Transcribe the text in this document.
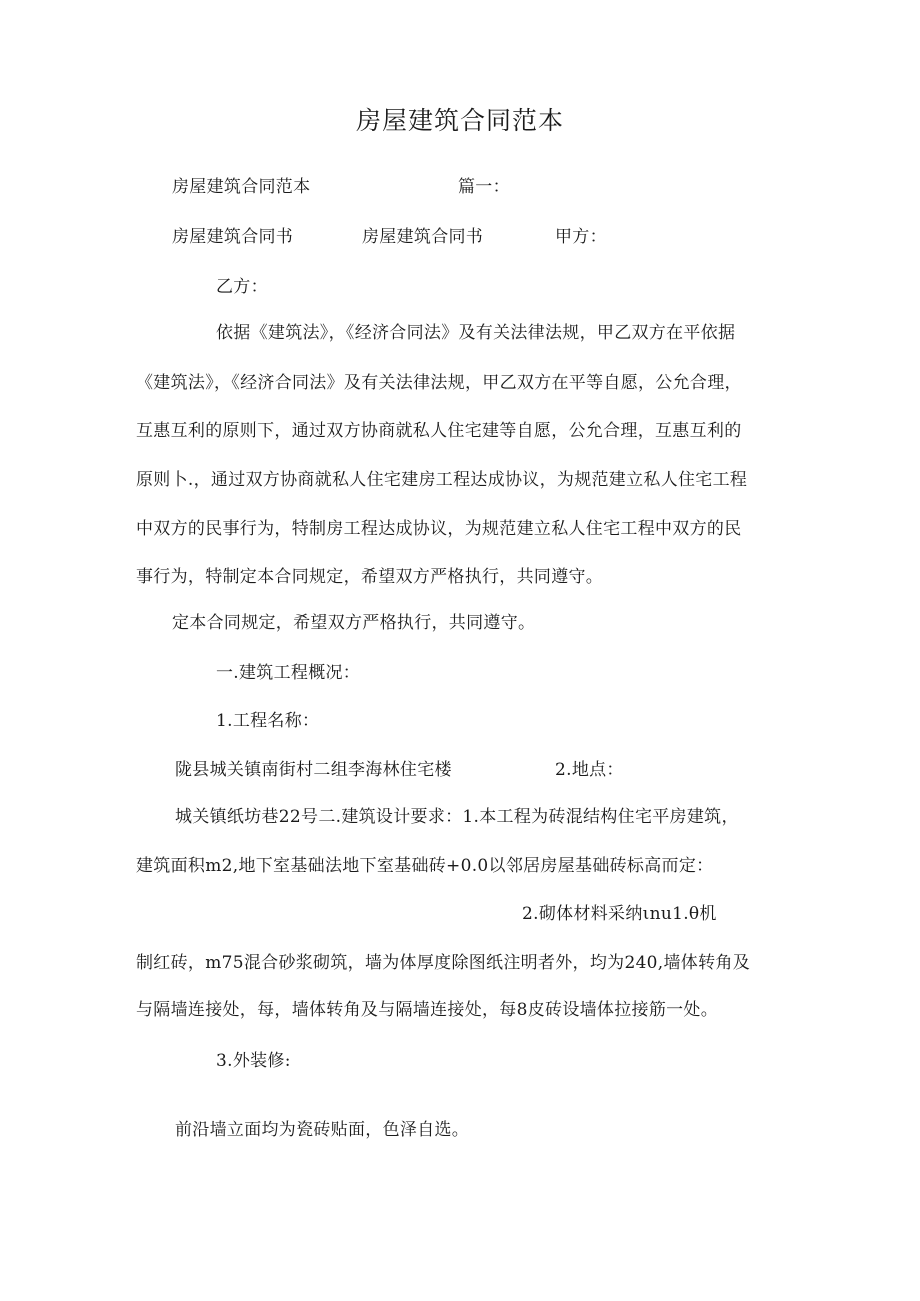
房屋建筑合同范本
房屋建筑合同范本	篇一：
房屋建筑合同书	房屋建筑合同书	甲方：
乙方：
依据《建筑法》，《经济合同法》及有关法律法规，甲乙双方在平依据
《建筑法》，《经济合同法》及有关法律法规，甲乙双方在平等自愿，公允合理，
互惠互利的原则下，通过双方协商就私人住宅建等自愿，公允合理，互惠互利的
原则卜.，通过双方协商就私人住宅建房工程达成协议，为规范建立私人住宅工程
中双方的民事行为，特制房工程达成协议，为规范建立私人住宅工程中双方的民
事行为，特制定本合同规定，希望双方严格执行，共同遵守。
定本合同规定，希望双方严格执行，共同遵守。
一.建筑工程概况：
1.工程名称：
陇县城关镇南街村二组李海林住宅楼	2.地点：
城关镇纸坊巷22号二.建筑设计要求：1.本工程为砖混结构住宅平房建筑，
建筑面积m2,地下室基础法地下室基础砖+0.0以邻居房屋基础砖标高而定：
2.砌体材料采纳ιnu1.θ机
制红砖，m75混合砂浆砌筑，墙为体厚度除图纸注明者外，均为240,墙体转角及
与隔墙连接处，每，墙体转角及与隔墙连接处，每8皮砖设墙体拉接筋一处。
3.外装修:
前沿墙立面均为瓷砖贴面，色泽自选。
